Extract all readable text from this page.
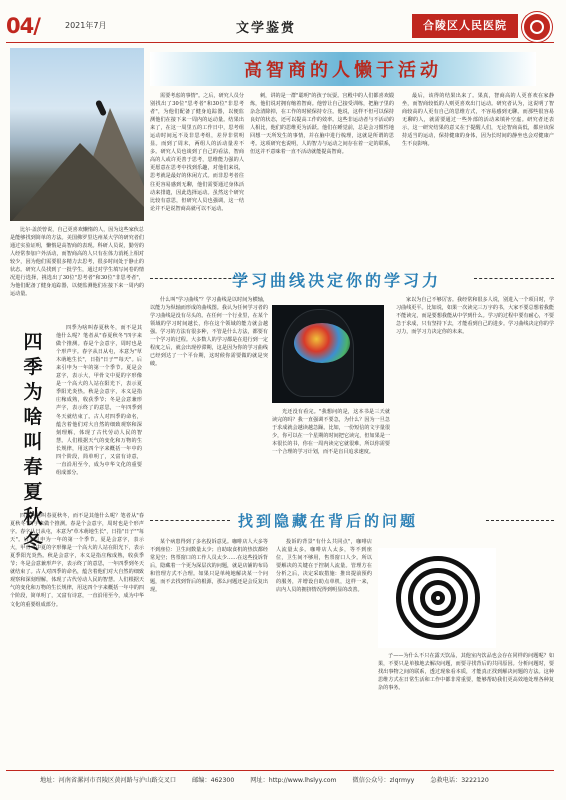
04/	2021年7月	文学鉴赏	合陵区人民医院
高智商的人懒于活动

比尔·盖茨曾说，自己更喜欢懒惰的人，因为这些家伙总是能够找到简单的方法。美国佛罗里达州某大学的研究者们通过实验证明，懒惰是高智商的表现。科研人员说，勤劳的人经常参加户外活动，而智商高的人只有在体力消耗上相对较少，因为他们需要很多精力去思考，很多时间处于静止的状态。研究人员找到了一批学生，通过对学生填写问卷的情况进行选择，挑选出了30位"思考者"和30位"非思考者"，为他们配备了健身追踪器，以便监测他们在接下来一周内的运动量。

需要考虑的事情"。之后，研究人员分别找出了30位"思考者"和30位"非思考者"，为他们配备了健身追踪器，以便监测他们在接下来一周内的运动量。结果出来了，在这一周里五的工作日中，思考组运动时间远不及非思考组，差异非常明显。而到了周末，两组人的活动量差不多。研究人员也谈到了自己的看法，智商高的人或许更善于思考，思维能力强的人更愿意在思考中找到乐趣，对他们来说，思考就是最好的休闲方式。而非思考者往往更容易感到无聊，他们需要通过身体活动来排遣，因此选择运动。虽然这个研究比较有意思，但研究人员也强调，这一结论并不是说智商高就可以不运动。

刺，讲的是一群"聪明"的孩子玩耍。宫殿中的人们都喜欢锻炼，他们说对拥有缩着智商。他曾让自己接受训练，把脑子里的杂念清除掉，在工作的时候保持专注。他说，这样不但可以保持良好的状态，还可以提高工作的效率。这些非运动者与不活动的人相比，他们的思维更为活跃。他们在睡觉前，总是会习惯性地回想一天所发生的事情，并在脑中进行梳理，这就是所谓的思考。这项研究也说明，人的智力与运动之间存在着一定的联系，但这并不意味着一直不活动就能提高智商。

最后，该得的结果出来了。果真，智商高的人更喜欢在家静坐，而智商较低的人则更喜欢出门运动。研究者认为，这说明了智商较高的人更有自己的思维方式，不容易感到无聊。而那些很容易无聊的人，就需要通过一些外部的活动来填补空虚。研究者还表示，这一研究结果的意义在于提醒人们，无论智商高低，都应该保持适当的运动，保持健康的身体，因为长时间的静坐也会对健康产生不良影响。

四季为啥叫春夏秋冬

四季为啥叫春夏秋冬，而不是其他什么呢？笔者从"春夏秋冬"四字来做个推测。春是个会意字，周时也是个形声字。春字从日从屯，本意为"草木萌地生长"，日指"日子""每天"。后来引申为一年的第一个季节。夏是会意字，表示大，甲骨文中夏的字形像是一个高大的人站在阳光下，表示夏季阳光炎热。秋是会意字，本义是指庄稼成熟，收获季节；冬是会意兼形声字，表示终了的意思，一年四季到冬天就结束了。古人对四季的命名，蕴含着他们对大自然的细致观察和深刻理解，体现了古代劳动人民的智慧。人们根据天气的变化和万物的生长规律，用这四个字来概括一年中的四个阶段，简单明了，又富有诗意，一直沿用至今，成为中华文化的重要组成部分。

四季为啥叫春夏秋冬，而不是其他什么呢？笔者从"春夏秋冬"四字来做个推测。春是个会意字，周时也是个形声字。春字从日从屯，本意为"草木萌地生长"，日指"日子""每天"。后来引申为一年的第一个季节。夏是会意字，表示大，甲骨文中夏的字形像是一个高大的人站在阳光下，表示夏季阳光炎热。秋是会意字，本义是指庄稼成熟，收获季节；冬是会意兼形声字，表示终了的意思，一年四季到冬天就结束了。古人对四季的命名，蕴含着他们对大自然的细致观察和深刻理解，体现了古代劳动人民的智慧。人们根据天气的变化和万物的生长规律，用这四个字来概括一年中的四个阶段，简单明了，又富有诗意，一直沿用至今，成为中华文化的重要组成部分。

学习曲线决定你的学习力

什么叫"学习曲线"？学习曲线是以时间为横轴，以能力为纵轴而形成的曲线图。我认为任何学习者的学习曲线是没有尽头的。在任何一个行业里，在某个领域的学习时间越长，你在这个领域的能力就会越强。学习的方法有很多种，不管是什么方法，都要有一个学习的过程。大多数人的学习都是在进行到一定程度之后，就会出现停滞期，这是因为你的学习曲线已经到达了一个平台期，这时候你需要做的就是突破。

光还没有看完。"我想问的是，这本书是三天就读完的吗？我一直强调不要急，为什么？因为一旦急于求成就会越读越急躁。比如，一份短信的文字量很少，你可以在一个星期的时间把它读完，但如果是一本很长的书，你在一周内读完它就很难，所以你需要一个合理的学习计划，而不是盲目追求速度。

家以为自己不够厉害。我经常和很多人说，别进入一个项目时，学习曲线更平。比如说，如果一次读完三万字的书，大家不要总想着我能不能读完，而是要想我能从中学到什么。学习的过程中要有耐心，不要急于求成，只有坚持下去，才能看到自己的进步。学习曲线决定你的学习力，而学习力决定你的未来。

找到隐藏在背后的问题

某个病患得到了多名投诉意见。咖啡店人大多等不到座位：卫生间数量太少；自助取食机的热饮都经常见空；售票窗口的工作人员太少……在这些投诉背后，隐藏着一个更为深层次的问题，就是店铺的布局和管理方式不合理。如果只是单纯地解决某一个问题，而不去找到背后的根源，那么问题还是会反复出现。

投诉的背景"有什么共同点"，咖啡店人流量太多。咖啡店人太多，等不到座位，卫生间不够用，售票窗口人少。所以要解决的关键在于控制人流量。管理方在分析之后，决定采取措施：推出提前预约的服务，并增设自助点单机，这样一来，店内人员的拥挤情况得到明显的改善。

子——为什么不只在露天饮品，其他室内饮品也会存在同样的问题呢？如果，不要只是单独地去解决问题，而要寻找背后的共同原因。分析问题时，要找出事物之间的联系，透过现象看本质，才能真正找到解决问题的方法。这种思维方式在日常生活和工作中都非常重要，能够帮助我们更高效地处理各种复杂的事务。

地址：河南省漯河市召陵区黄河路与泸山路交叉口	邮编：462300	网址：http://www.lhslyy.com	微信公众号：zlqrmyy	急救电话：3222120
